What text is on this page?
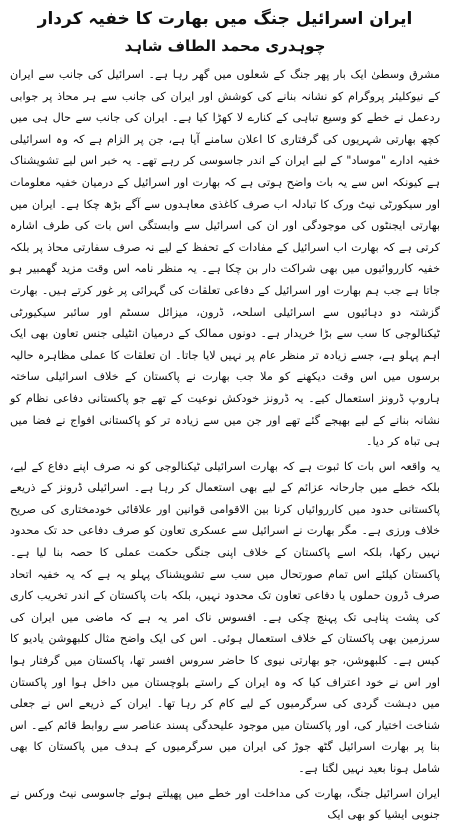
ایران اسرائیل جنگ میں بھارت کا خفیہ کردار
چوہدری محمد الطاف شاہد

مشرق وسطیٰ ایک بار پھر جنگ کے شعلوں میں گھر رہا ہے۔ اسرائیل کی جانب سے ایران کے نیوکلیئر پروگرام کو نشانہ بنانے کی کوشش اور ایران کی جانب سے ہر محاذ پر جوابی ردعمل نے خطے کو وسیع تباہی کے کنارے لا کھڑا کیا ہے۔ ایران کی جانب سے حال ہی میں کچھ بھارتی شہریوں کی گرفتاری کا اعلان سامنے آیا ہے، جن پر الزام ہے کہ وہ اسرائیلی خفیہ ادارے "موساد" کے لیے ایران کے اندر جاسوسی کر رہے تھے۔ یہ خبر اس لیے تشویشناک ہے کیونکہ اس سے یہ بات واضح ہوتی ہے کہ بھارت اور اسرائیل کے درمیان خفیہ معلومات اور سیکورٹی نیٹ ورک کا تبادلہ اب صرف کاغذی معاہدوں سے آگے بڑھ چکا ہے۔ ایران میں بھارتی ایجنٹوں کی موجودگی اور ان کی اسرائیل سے وابستگی اس بات کی طرف اشارہ کرتی ہے کہ بھارت اب اسرائیل کے مفادات کے تحفظ کے لیے نہ صرف سفارتی محاذ پر بلکہ خفیہ کارروائیوں میں بھی شراکت دار بن چکا ہے۔ یہ منظر نامہ اس وقت مزید گھمبیر ہو جاتا ہے جب ہم بھارت اور اسرائیل کے دفاعی تعلقات کی گہرائی پر غور کرتے ہیں۔ بھارت گزشتہ دو دہائیوں سے اسرائیلی اسلحہ، ڈرون، میزائل سسٹم اور سائبر سیکیورٹی ٹیکنالوجی کا سب سے بڑا خریدار ہے۔ دونوں ممالک کے درمیان انٹیلی جنس تعاون بھی ایک اہم پہلو ہے، جسے زیادہ تر منظر عام پر نہیں لایا جاتا۔ ان تعلقات کا عملی مظاہرہ حالیہ برسوں میں اس وقت دیکھنے کو ملا جب بھارت نے پاکستان کے خلاف اسرائیلی ساختہ ہاروپ ڈرونز استعمال کیے۔ یہ ڈرونز خودکش نوعیت کے تھے جو پاکستانی دفاعی نظام کو نشانہ بنانے کے لیے بھیجے گئے تھے اور جن میں سے زیادہ تر کو پاکستانی افواج نے فضا میں ہی تباہ کر دیا۔

یہ واقعہ اس بات کا ثبوت ہے کہ بھارت اسرائیلی ٹیکنالوجی کو نہ صرف اپنے دفاع کے لیے، بلکہ خطے میں جارحانہ عزائم کے لیے بھی استعمال کر رہا ہے۔ اسرائیلی ڈرونز کے ذریعے پاکستانی حدود میں کارروائیاں کرنا بین الاقوامی قوانین اور علاقائی خودمختاری کی صریح خلاف ورزی ہے۔ مگر بھارت نے اسرائیل سے عسکری تعاون کو صرف دفاعی حد تک محدود نہیں رکھا، بلکہ اسے پاکستان کے خلاف اپنی جنگی حکمت عملی کا حصہ بنا لیا ہے۔ پاکستان کیلئے اس تمام صورتحال میں سب سے تشویشناک پہلو یہ ہے کہ یہ خفیہ اتحاد صرف ڈرون حملوں یا دفاعی تعاون تک محدود نہیں، بلکہ بات پاکستان کے اندر تخریب کاری کی پشت پناہی تک پہنچ چکی ہے۔ افسوس ناک امر یہ ہے کہ ماضی میں ایران کی سرزمین بھی پاکستان کے خلاف استعمال ہوئی۔ اس کی ایک واضح مثال کلبھوشن یادیو کا کیس ہے۔ کلبھوشن، جو بھارتی نیوی کا حاضر سروس افسر تھا، پاکستان میں گرفتار ہوا اور اس نے خود اعتراف کیا کہ وہ ایران کے راستے بلوچستان میں داخل ہوا اور پاکستان میں دہشت گردی کی سرگرمیوں کے لیے کام کر رہا تھا۔ ایران کے ذریعے اس نے جعلی شناخت اختیار کی، اور پاکستان میں موجود علیحدگی پسند عناصر سے روابط قائم کیے۔ اس بنا پر بھارت اسرائیل گٹھ جوڑ کی ایران میں سرگرمیوں کے ہدف میں پاکستان کا بھی شامل ہونا بعید نہیں لگتا ہے۔

ایران اسرائیل جنگ، بھارت کی مداخلت اور خطے میں پھیلتے ہوئے جاسوسی نیٹ ورکس نے جنوبی ایشیا کو بھی ایک
